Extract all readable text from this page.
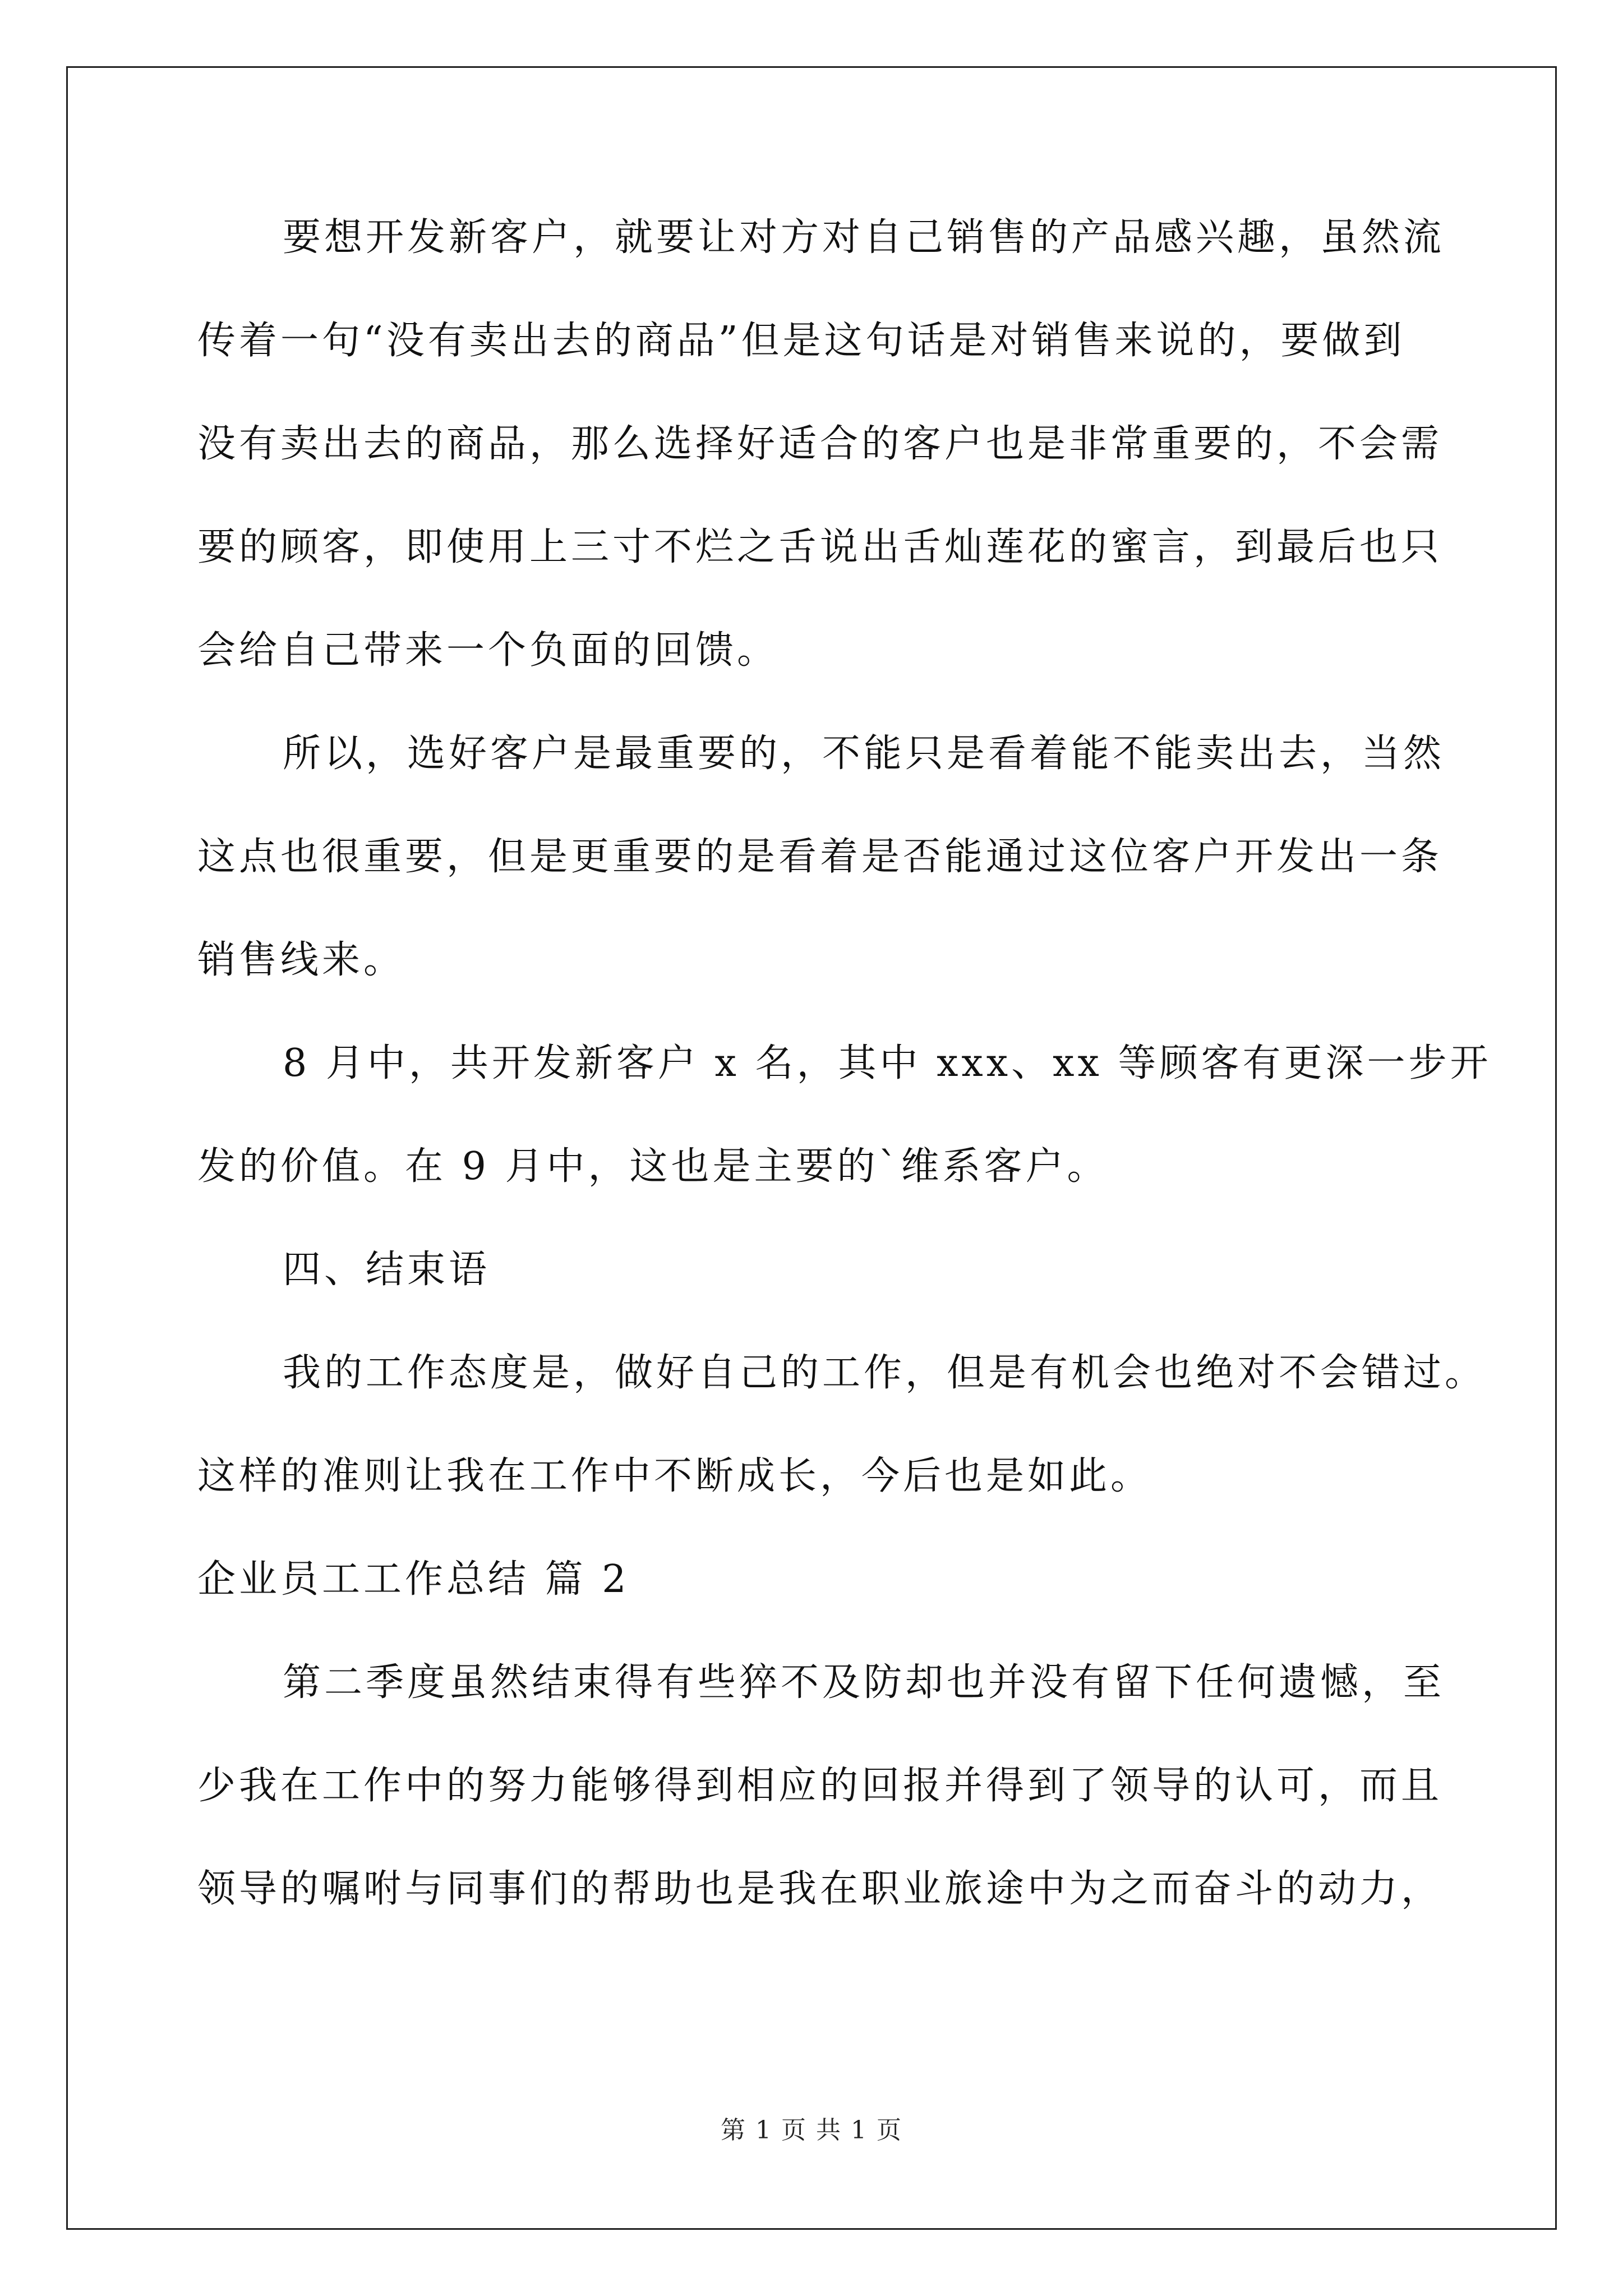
要想开发新客户，就要让对方对自己销售的产品感兴趣，虽然流
传着一句“没有卖出去的商品”但是这句话是对销售来说的，要做到
没有卖出去的商品，那么选择好适合的客户也是非常重要的，不会需
要的顾客，即使用上三寸不烂之舌说出舌灿莲花的蜜言，到最后也只
会给自己带来一个负面的回馈。
所以，选好客户是最重要的，不能只是看着能不能卖出去，当然
这点也很重要，但是更重要的是看着是否能通过这位客户开发出一条
销售线来。
8 月中，共开发新客户 x 名，其中 xxx、xx 等顾客有更深一步开
发的价值。在 9 月中，这也是主要的`维系客户。
四、结束语
我的工作态度是，做好自己的工作，但是有机会也绝对不会错过。
这样的准则让我在工作中不断成长，今后也是如此。
企业员工工作总结 篇 2
第二季度虽然结束得有些猝不及防却也并没有留下任何遗憾，至
少我在工作中的努力能够得到相应的回报并得到了领导的认可，而且
领导的嘱咐与同事们的帮助也是我在职业旅途中为之而奋斗的动力，
第 1 页 共 1 页
